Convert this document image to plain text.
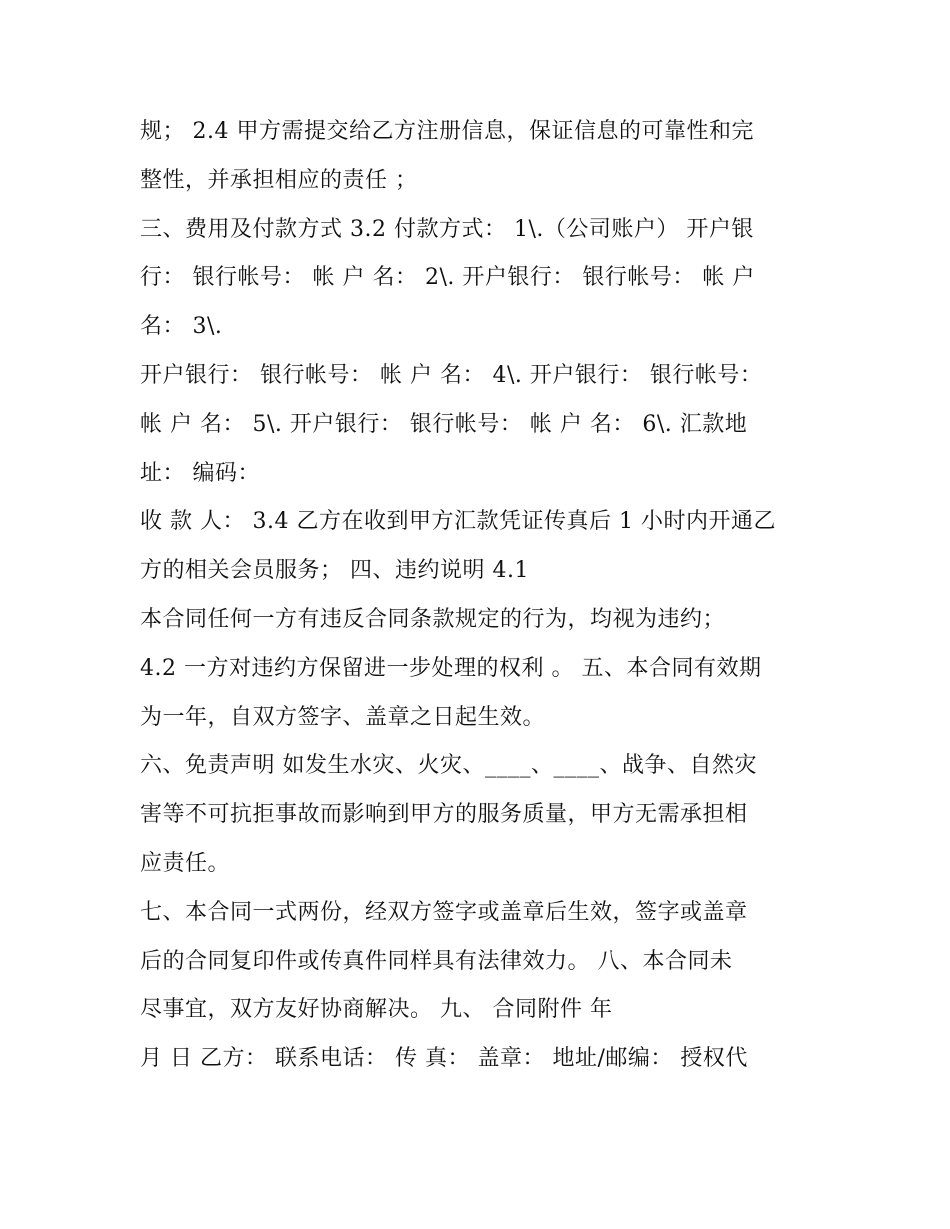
规； 2.4 甲方需提交给乙方注册信息，保证信息的可靠性和完
整性，并承担相应的责任 ；
三、费用及付款方式 3.2 付款方式： 1\.（公司账户） 开户银
行： 银行帐号： 帐 户 名： 2\. 开户银行： 银行帐号： 帐 户
名： 3\.
开户银行： 银行帐号： 帐 户 名： 4\. 开户银行： 银行帐号：
帐 户 名： 5\. 开户银行： 银行帐号： 帐 户 名： 6\. 汇款地
址： 编码：
收 款 人： 3.4 乙方在收到甲方汇款凭证传真后 1 小时内开通乙
方的相关会员服务； 四、违约说明 4.1
本合同任何一方有违反合同条款规定的行为，均视为违约；
4.2 一方对违约方保留进一步处理的权利 。 五、本合同有效期
为一年，自双方签字、盖章之日起生效。
六、免责声明 如发生水灾、火灾、____、____、战争、自然灾
害等不可抗拒事故而影响到甲方的服务质量，甲方无需承担相
应责任。
七、本合同一式两份，经双方签字或盖章后生效，签字或盖章
后的合同复印件或传真件同样具有法律效力。 八、本合同未
尽事宜，双方友好协商解决。 九、 合同附件 年
月 日 乙方： 联系电话： 传 真： 盖章： 地址/邮编： 授权代
